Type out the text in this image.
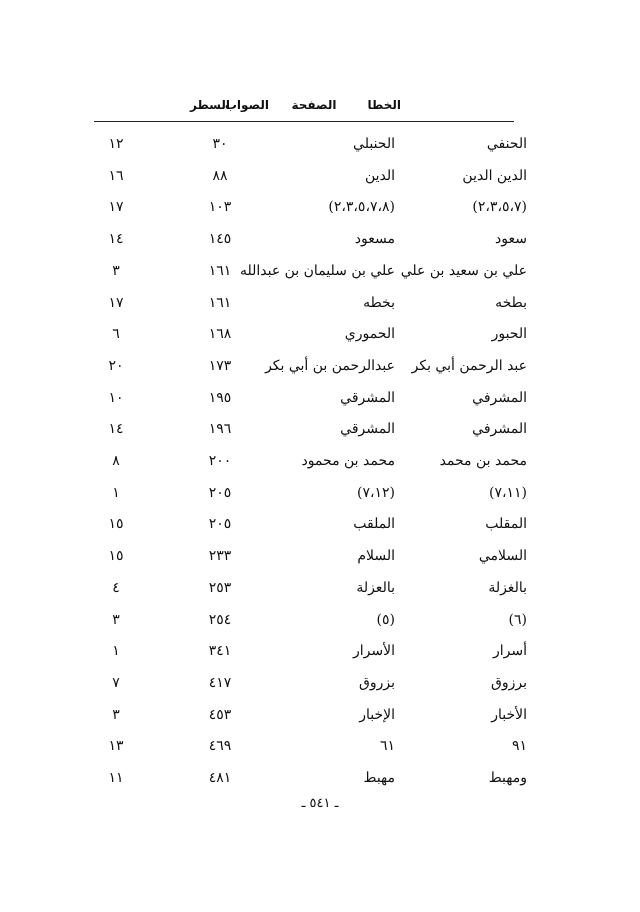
الخطا
الصواب الصفحة
السطر
الحنفي
الحنبلي
٣٠
١٢
الدين الدين
الدين
٨٨
١٦
(٢،٣،٥،٧)
(٢،٣،٥،٧،٨)
١٠٣
١٧
سعود
مسعود
١٤٥
١٤
علي بن سعيد بن علي
علي بن سليمان بن عبدالله
١٦١
٣
بطخه
بخطه
١٦١
١٧
الحبور
الحموري
١٦٨
٦
عبد الرحمن أبي بكر
عبدالرحمن بن أبي بكر
١٧٣
٢٠
المشرفي
المشرقي
١٩٥
١٠
المشرفي
المشرقي
١٩٦
١٤
محمد بن محمد
محمد بن محمود
٢٠٠
٨
(٧،١١)
(٧،١٢)
٢٠٥
١
المقلب
الملقب
٢٠٥
١٥
السلامي
السلام
٢٣٣
١٥
بالغزلة
بالعزلة
٢٥٣
٤
(٦)
(٥)
٢٥٤
٣
أسرار
الأسرار
٣٤١
١
برزوق
بزروق
٤١٧
٧
الأخبار
الإخبار
٤٥٣
٣
٩١
٦١
٤٦٩
١٣
ومهبط
مهبط
٤٨١
١١
ـ ٥٤١ ـ
